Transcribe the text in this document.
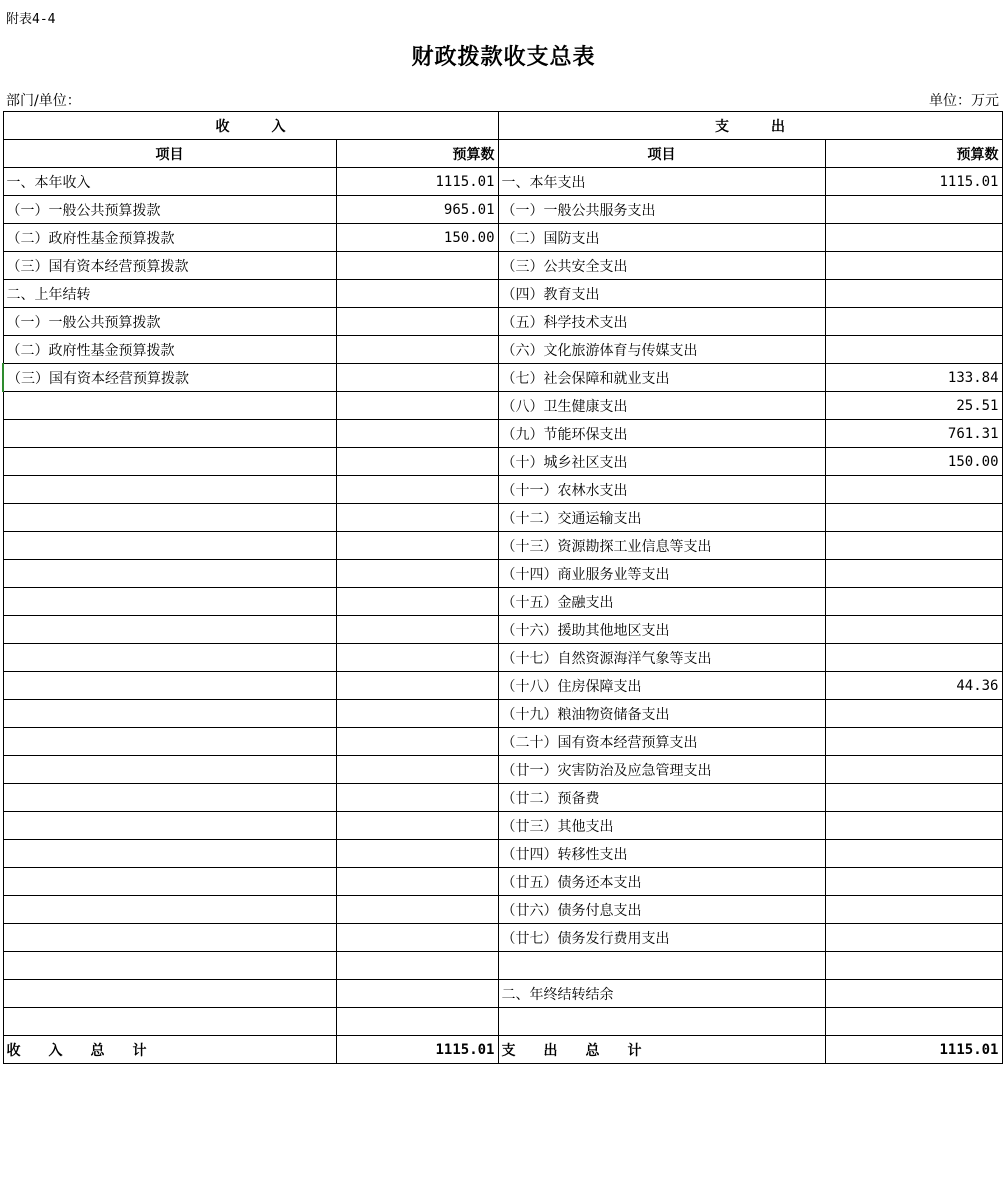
附表4-4
财政拨款收支总表
部门/单位：	单位：万元
收　　　入		支　　　出	
项目	预算数	项目	预算数
一、本年收入	1115.01	一、本年支出	1115.01
（一）一般公共预算拨款	965.01	（一）一般公共服务支出	
（二）政府性基金预算拨款	150.00	（二）国防支出	
（三）国有资本经营预算拨款		（三）公共安全支出	
二、上年结转		（四）教育支出	
（一）一般公共预算拨款		（五）科学技术支出	
（二）政府性基金预算拨款		（六）文化旅游体育与传媒支出	
（三）国有资本经营预算拨款		（七）社会保障和就业支出	133.84
		（八）卫生健康支出	25.51
		（九）节能环保支出	761.31
		（十）城乡社区支出	150.00
		（十一）农林水支出	
		（十二）交通运输支出	
		（十三）资源勘探工业信息等支出	
		（十四）商业服务业等支出	
		（十五）金融支出	
		（十六）援助其他地区支出	
		（十七）自然资源海洋气象等支出	
		（十八）住房保障支出	44.36
		（十九）粮油物资储备支出	
		（二十）国有资本经营预算支出	
		（廿一）灾害防治及应急管理支出	
		（廿二）预备费	
		（廿三）其他支出	
		（廿四）转移性支出	
		（廿五）债务还本支出	
		（廿六）债务付息支出	
		（廿七）债务发行费用支出	

		二、年终结转结余	

收　　入　　总　　计	1115.01	支　　出　　总　　计	1115.01
